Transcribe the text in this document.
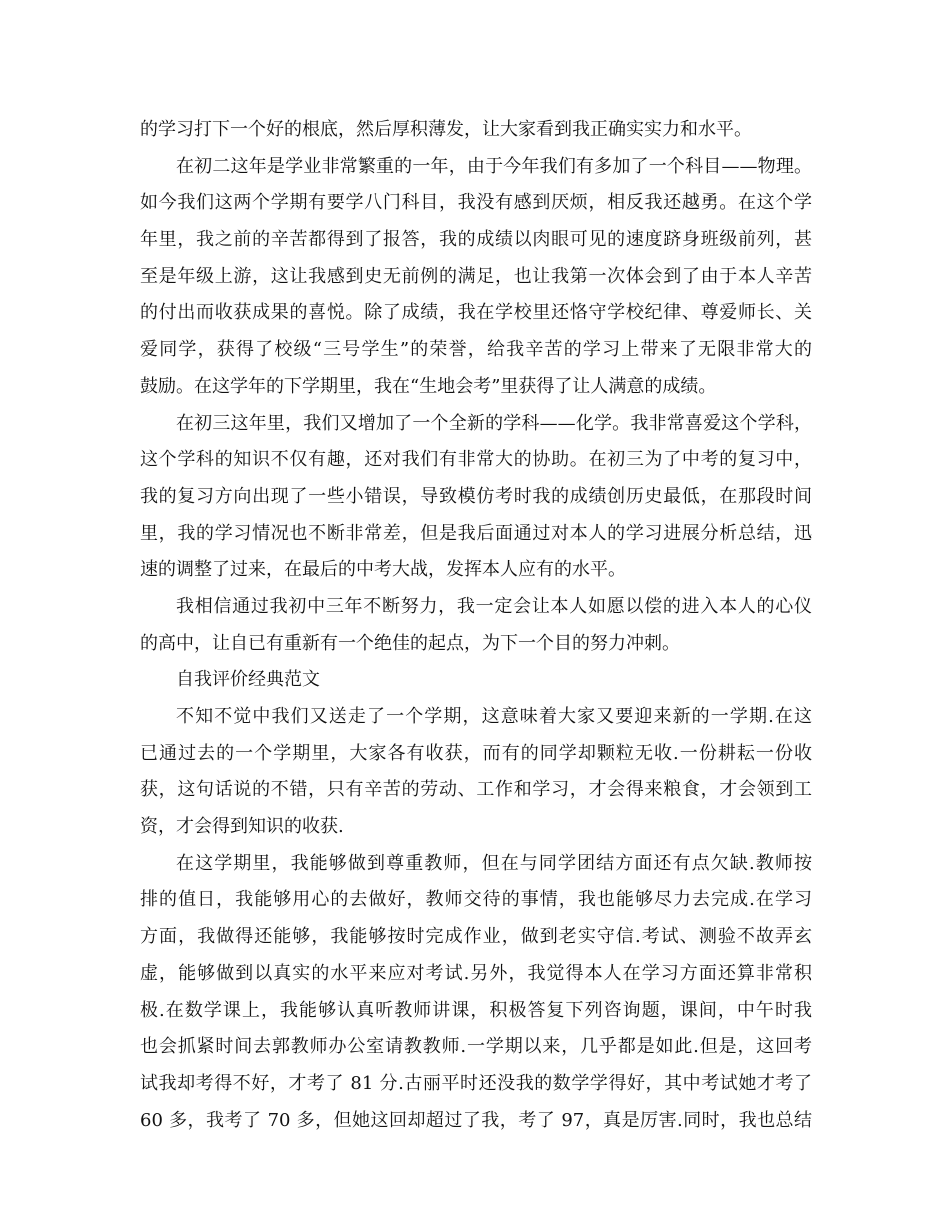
的学习打下一个好的根底，然后厚积薄发，让大家看到我正确实实力和水平。
在初二这年是学业非常繁重的一年，由于今年我们有多加了一个科目——物理。
如今我们这两个学期有要学八门科目，我没有感到厌烦，相反我还越勇。在这个学
年里，我之前的辛苦都得到了报答，我的成绩以肉眼可见的速度跻身班级前列，甚
至是年级上游，这让我感到史无前例的满足，也让我第一次体会到了由于本人辛苦
的付出而收获成果的喜悦。除了成绩，我在学校里还恪守学校纪律、尊爱师长、关
爱同学，获得了校级“三号学生”的荣誉，给我辛苦的学习上带来了无限非常大的
鼓励。在这学年的下学期里，我在“生地会考”里获得了让人满意的成绩。
在初三这年里，我们又增加了一个全新的学科——化学。我非常喜爱这个学科，
这个学科的知识不仅有趣，还对我们有非常大的协助。在初三为了中考的复习中，
我的复习方向出现了一些小错误，导致模仿考时我的成绩创历史最低，在那段时间
里，我的学习情况也不断非常差，但是我后面通过对本人的学习进展分析总结，迅
速的调整了过来，在最后的中考大战，发挥本人应有的水平。
我相信通过我初中三年不断努力，我一定会让本人如愿以偿的进入本人的心仪
的高中，让自已有重新有一个绝佳的起点，为下一个目的努力冲刺。
自我评价经典范文
不知不觉中我们又送走了一个学期，这意味着大家又要迎来新的一学期.在这
已通过去的一个学期里，大家各有收获，而有的同学却颗粒无收.一份耕耘一份收
获，这句话说的不错，只有辛苦的劳动、工作和学习，才会得来粮食，才会领到工
资，才会得到知识的收获.
在这学期里，我能够做到尊重教师，但在与同学团结方面还有点欠缺.教师按
排的值日，我能够用心的去做好，教师交待的事情，我也能够尽力去完成.在学习
方面，我做得还能够，我能够按时完成作业，做到老实守信.考试、测验不故弄玄
虚，能够做到以真实的水平来应对考试.另外，我觉得本人在学习方面还算非常积
极.在数学课上，我能够认真听教师讲课，积极答复下列咨询题，课间，中午时我
也会抓紧时间去郭教师办公室请教教师.一学期以来，几乎都是如此.但是，这回考
试我却考得不好，才考了 81 分.古丽平时还没我的数学学得好，其中考试她才考了
60 多，我考了 70 多，但她这回却超过了我，考了 97，真是厉害.同时，我也总结
